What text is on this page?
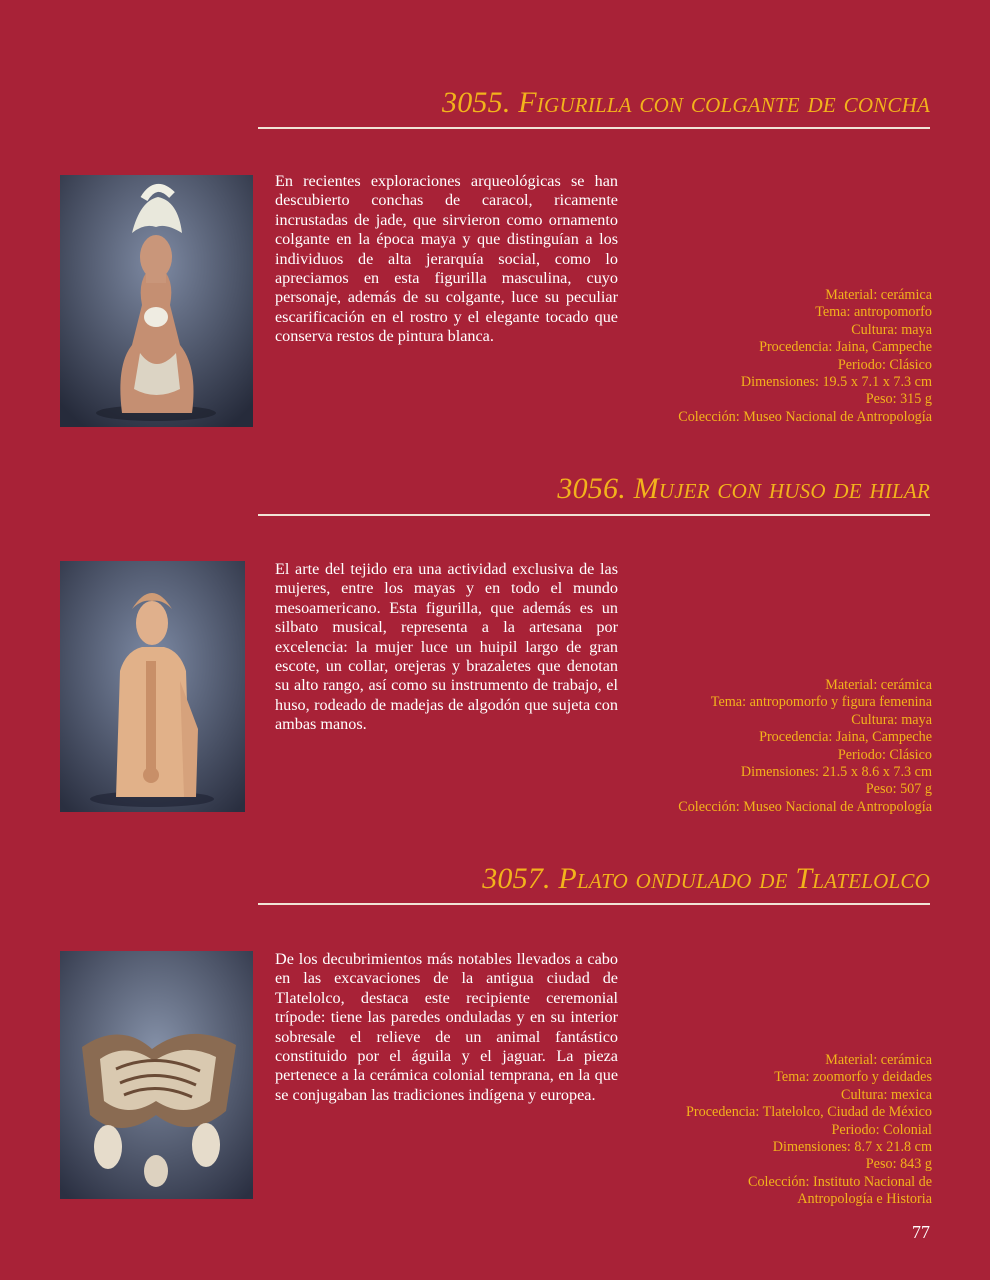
3055. Figurilla con colgante de concha

En recientes exploraciones arqueológicas se han descubierto conchas de caracol, ricamente incrustadas de jade, que sirvieron como ornamento colgante en la época maya y que distinguían a los individuos de alta jerarquía social, como lo apreciamos en esta figurilla masculina, cuyo personaje, además de su colgante, luce su peculiar escarificación en el rostro y el elegante tocado que conserva restos de pintura blanca.

Material: cerámica
Tema: antropomorfo
Cultura: maya
Procedencia: Jaina, Campeche
Periodo: Clásico
Dimensiones: 19.5 x 7.1 x 7.3 cm
Peso: 315 g
Colección: Museo Nacional de Antropología
3056. Mujer con huso de hilar

El arte del tejido era una actividad exclusiva de las mujeres, entre los mayas y en todo el mundo mesoamericano. Esta figurilla, que además es un silbato musical, representa a la artesana por excelencia: la mujer luce un huipil largo de gran escote, un collar, orejeras y brazaletes que denotan su alto rango, así como su instrumento de trabajo, el huso, rodeado de madejas de algodón que sujeta con ambas manos.

Material: cerámica
Tema: antropomorfo y figura femenina
Cultura: maya
Procedencia: Jaina, Campeche
Periodo: Clásico
Dimensiones: 21.5 x 8.6 x 7.3 cm
Peso: 507 g
Colección: Museo Nacional de Antropología
3057. Plato ondulado de Tlatelolco

De los decubrimientos más notables llevados a cabo en las excavaciones de la antigua ciudad de Tlatelolco, destaca este recipiente ceremonial trípode: tiene las paredes onduladas y en su interior sobresale el relieve de un animal fantástico constituido por el águila y el jaguar. La pieza pertenece a la cerámica colonial temprana, en la que se conjugaban las tradiciones indígena y europea.

Material: cerámica
Tema: zoomorfo y deidades
Cultura: mexica
Procedencia: Tlatelolco, Ciudad de México
Periodo: Colonial
Dimensiones: 8.7 x 21.8 cm
Peso: 843 g
Colección: Instituto Nacional de
Antropología e Historia

77
